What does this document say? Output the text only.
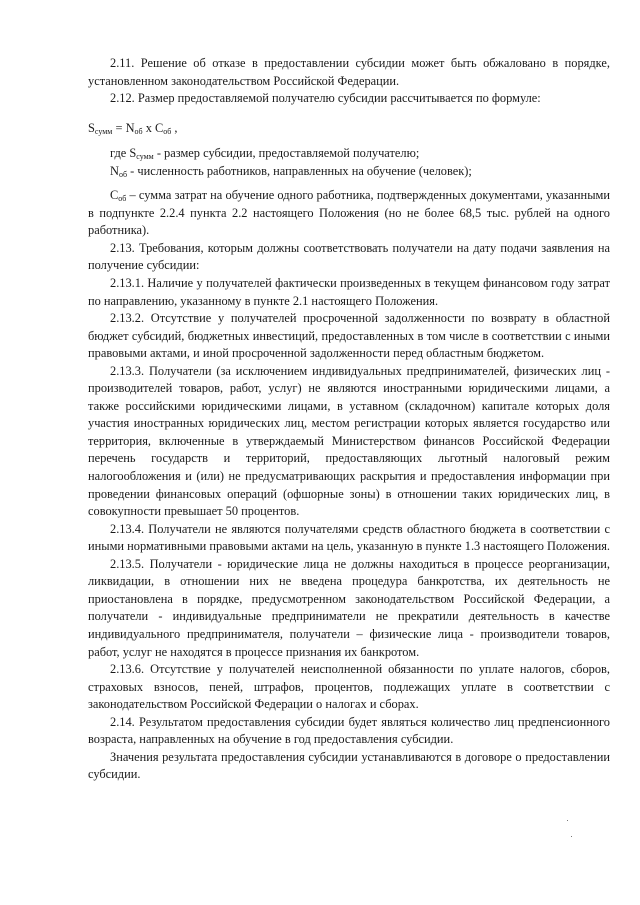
2.11. Решение об отказе в предоставлении субсидии может быть обжаловано в порядке, установленном законодательством Российской Федерации.

2.12. Размер предоставляемой получателю субсидии рассчитывается по формуле:

$S_{сумм} = N_{об}$ x $C_{об}$ ,

где $S_{сумм}$ - размер субсидии, предоставляемой получателю;

$N_{об}$ - численность работников, направленных на обучение (человек);

$C_{об}$ – сумма затрат на обучение одного работника, подтвержденных документами, указанными в подпункте 2.2.4 пункта 2.2 настоящего Положения (но не более 68,5 тыс. рублей на одного работника).

2.13. Требования, которым должны соответствовать получатели на дату подачи заявления на получение субсидии:

2.13.1. Наличие у получателей фактически произведенных в текущем финансовом году затрат по направлению, указанному в пункте 2.1 настоящего Положения.

2.13.2. Отсутствие у получателей просроченной задолженности по возврату в областной бюджет субсидий, бюджетных инвестиций, предоставленных в том числе в соответствии с иными правовыми актами, и иной просроченной задолженности перед областным бюджетом.

2.13.3. Получатели (за исключением индивидуальных предпринимателей, физических лиц - производителей товаров, работ, услуг) не являются иностранными юридическими лицами, а также российскими юридическими лицами, в уставном (складочном) капитале которых доля участия иностранных юридических лиц, местом регистрации которых является государство или территория, включенные в утверждаемый Министерством финансов Российской Федерации перечень государств и территорий, предоставляющих льготный налоговый режим налогообложения и (или) не предусматривающих раскрытия и предоставления информации при проведении финансовых операций (офшорные зоны) в отношении таких юридических лиц, в совокупности превышает 50 процентов.

2.13.4. Получатели не являются получателями средств областного бюджета в соответствии с иными нормативными правовыми актами на цель, указанную в пункте 1.3 настоящего Положения.

2.13.5. Получатели - юридические лица не должны находиться в процессе реорганизации, ликвидации, в отношении них не введена процедура банкротства, их деятельность не приостановлена в порядке, предусмотренном законодательством Российской Федерации, а получатели - индивидуальные предприниматели не прекратили деятельность в качестве индивидуального предпринимателя, получатели – физические лица - производители товаров, работ, услуг не находятся в процессе признания их банкротом.

2.13.6. Отсутствие у получателей неисполненной обязанности по уплате налогов, сборов, страховых взносов, пеней, штрафов, процентов, подлежащих уплате в соответствии с законодательством Российской Федерации о налогах и сборах.

2.14. Результатом предоставления субсидии будет являться количество лиц предпенсионного возраста, направленных на обучение в год предоставления субсидии.

Значения результата предоставления субсидии устанавливаются в договоре о предоставлении субсидии.
